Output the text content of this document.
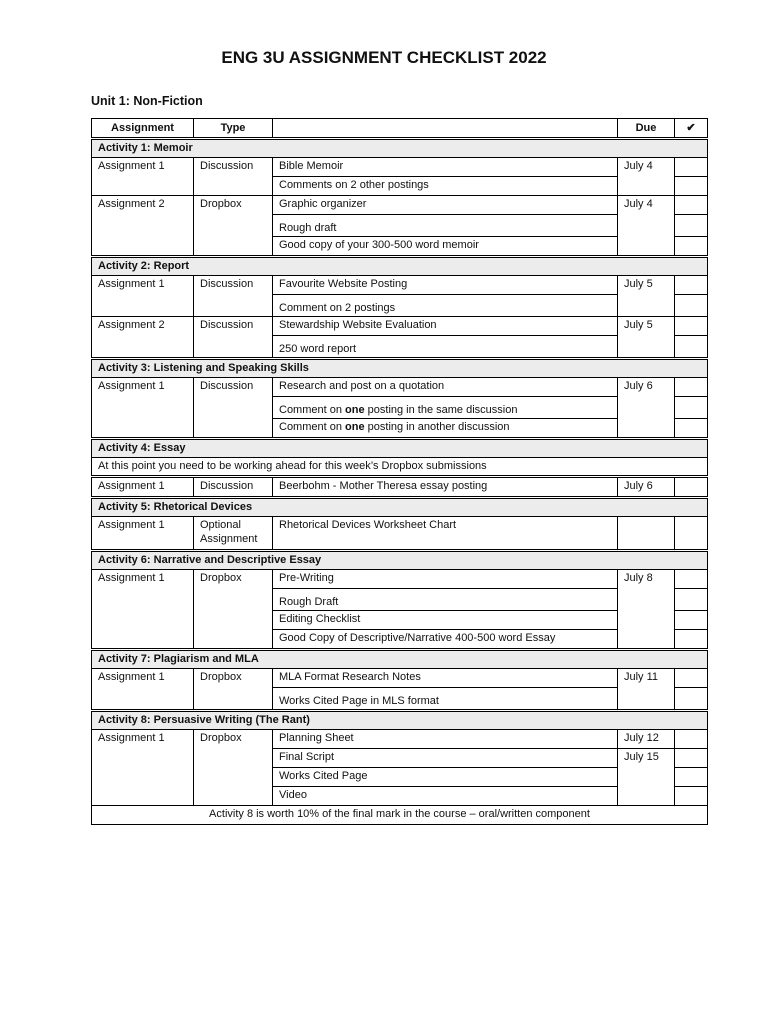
ENG 3U ASSIGNMENT CHECKLIST 2022
Unit 1: Non-Fiction
Assignment	Type		Due	✔
Activity 1: Memoir				
Assignment 1	Discussion	Bible Memoir	July 4	
		Comments on 2 other postings		
Assignment 2	Dropbox	Graphic organizer	July 4	
		Rough draft		
		Good copy of your 300-500 word memoir		
Activity 2: Report				
Assignment 1	Discussion	Favourite Website Posting	July 5	
		Comment on 2 postings		
Assignment 2	Discussion	Stewardship Website Evaluation	July 5	
		250 word report		
Activity 3: Listening and Speaking Skills				
Assignment 1	Discussion	Research and post on a quotation	July 6	
		Comment on one posting in the same discussion		
		Comment on one posting in another discussion		
Activity 4: Essay				
At this point you need to be working ahead for this week’s Dropbox submissions				
Assignment 1	Discussion	Beerbohm - Mother Theresa essay posting	July 6	
Activity 5: Rhetorical Devices				
Assignment 1	Optional Assignment	Rhetorical Devices Worksheet Chart		
Activity 6: Narrative and Descriptive Essay				
Assignment 1	Dropbox	Pre-Writing	July 8	
		Rough Draft		
		Editing Checklist		
		Good Copy of Descriptive/Narrative 400-500 word Essay		
Activity 7: Plagiarism and MLA				
Assignment 1	Dropbox	MLA Format Research Notes	July 11	
		Works Cited Page in MLS format		
Activity 8: Persuasive Writing (The Rant)				
Assignment 1	Dropbox	Planning Sheet	July 12	
		Final Script	July 15	
		Works Cited Page		
		Video		
Activity 8 is worth 10% of the final mark in the course – oral/written component				
